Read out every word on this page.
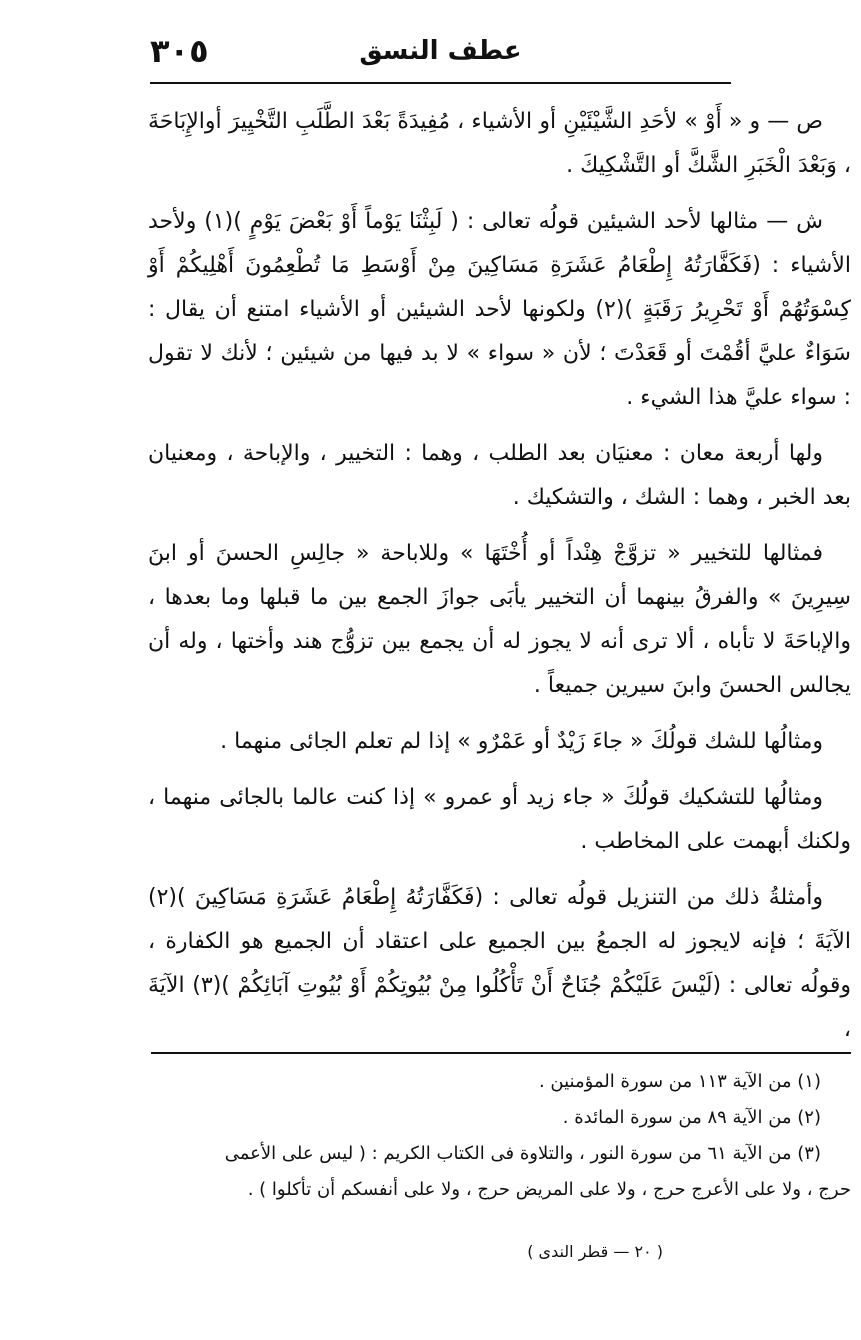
عطف النسق
٣٠٥

ص — و « أَوْ » لأحَدِ الشَّيْئَيْنِ أو الأشياء ، مُفِيدَةً بَعْدَ الطَّلَبِ التَّخْيِيرَ أوالإِبَاحَةَ ، وَبَعْدَ الْخَبَرِ الشَّكَّ أو التَّشْكِيكَ .

ش — مثالها لأحد الشيئين قولُه تعالى : ( لَبِثْنَا يَوْماً أَوْ بَعْضَ يَوْمٍ )(١) ولأحد الأشياء : (فَكَفَّارَتُهُ إِطْعَامُ عَشَرَةِ مَسَاكِينَ مِنْ أَوْسَطِ مَا تُطْعِمُونَ أَهْلِيكُمْ أَوْ كِسْوَتُهُمْ أَوْ تَحْرِيرُ رَقَبَةٍ )(٢) ولكونها لأحد الشيئين أو الأشياء امتنع أن يقال : سَوَاءٌ عليَّ أقُمْتَ أو قَعَدْتَ ؛ لأن « سواء » لا بد فيها من شيئين ؛ لأنك لا تقول : سواء عليَّ هذا الشيء .

ولها أربعة معان : معنيَان بعد الطلب ، وهما : التخيير ، والإباحة ، ومعنيان بعد الخبر ، وهما : الشك ، والتشكيك .

فمثالها للتخيير « تزوَّجْ هِنْداً أو أُخْتَهَا » وللاباحة « جالِسِ الحسنَ أو ابنَ سِيرِينَ » والفرقُ بينهما أن التخيير يأبَى جوازَ الجمع بين ما قبلها وما بعدها ، والإباحَةَ لا تأباه ، ألا ترى أنه لا يجوز له أن يجمع بين تزوُّج هند وأختها ، وله أن يجالس الحسنَ وابنَ سيرين جميعاً .

ومثالُها للشك قولُكَ « جاءَ زَيْدٌ أو عَمْرٌو » إذا لم تعلم الجائى منهما .

ومثالُها للتشكيك قولُكَ « جاء زيد أو عمرو » إذا كنت عالما بالجائى منهما ، ولكنك أبهمت على المخاطب .

وأمثلةُ ذلك من التنزيل قولُه تعالى : (فَكَفَّارَتُهُ إِطْعَامُ عَشَرَةِ مَسَاكِينَ )(٢) الآيَةَ ؛ فإنه لايجوز له الجمعُ بين الجميع على اعتقاد أن الجميع هو الكفارة ، وقولُه تعالى : (لَيْسَ عَلَيْكُمْ جُنَاحٌ أَنْ تَأْكُلُوا مِنْ بُيُوتِكُمْ أَوْ بُيُوتِ آبَائِكُمْ )(٣) الآيَةَ ،

(١) من الآية ١١٣ من سورة المؤمنين .

(٢) من الآية ٨٩ من سورة المائدة .

(٣) من الآية ٦١ من سورة النور ، والتلاوة فى الكتاب الكريم : ( ليس على الأعمى

حرج ، ولا على الأعرج حرج ، ولا على المريض حرج ، ولا على أنفسكم أن تأكلوا ) .

( ٢٠ — قطر الندى )
